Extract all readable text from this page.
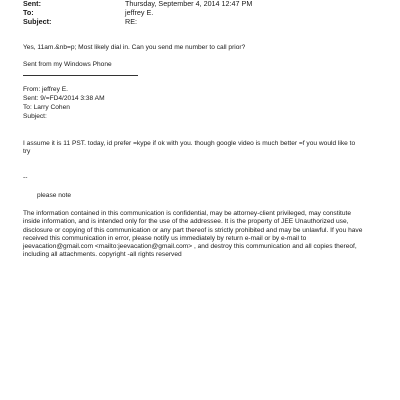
Sent:	Thursday, September 4, 2014 12:47 PM
To:	jeffrey E.
Subject:	RE:
Yes, 11am.&nb=p; Most likely dial in. Can you send me number to call prior?
Sent from my Windows Phone
From: jeffrey E.
Sent: 9/=FD4/2014 3:38 AM
To: Larry Cohen
Subject:
I assume it is 11 PST. today, id prefer =kype if ok with you. though google video is much better =f you would like to
try
--
please note
The information contained in this communication is confidential, may be attorney-client privileged, may constitute
inside information, and is intended only for the use of the addressee. It is the property of JEE Unauthorized use,
disclosure or copying of this communication or any part thereof is strictly prohibited and may be unlawful. If you have
received this communication in error, please notify us immediately by return e-mail or by e-mail to
jeevacation@gmail.com <mailto:jeevacation@gmail.com> , and destroy this communication and all copies thereof,
including all attachments. copyright -all rights reserved
